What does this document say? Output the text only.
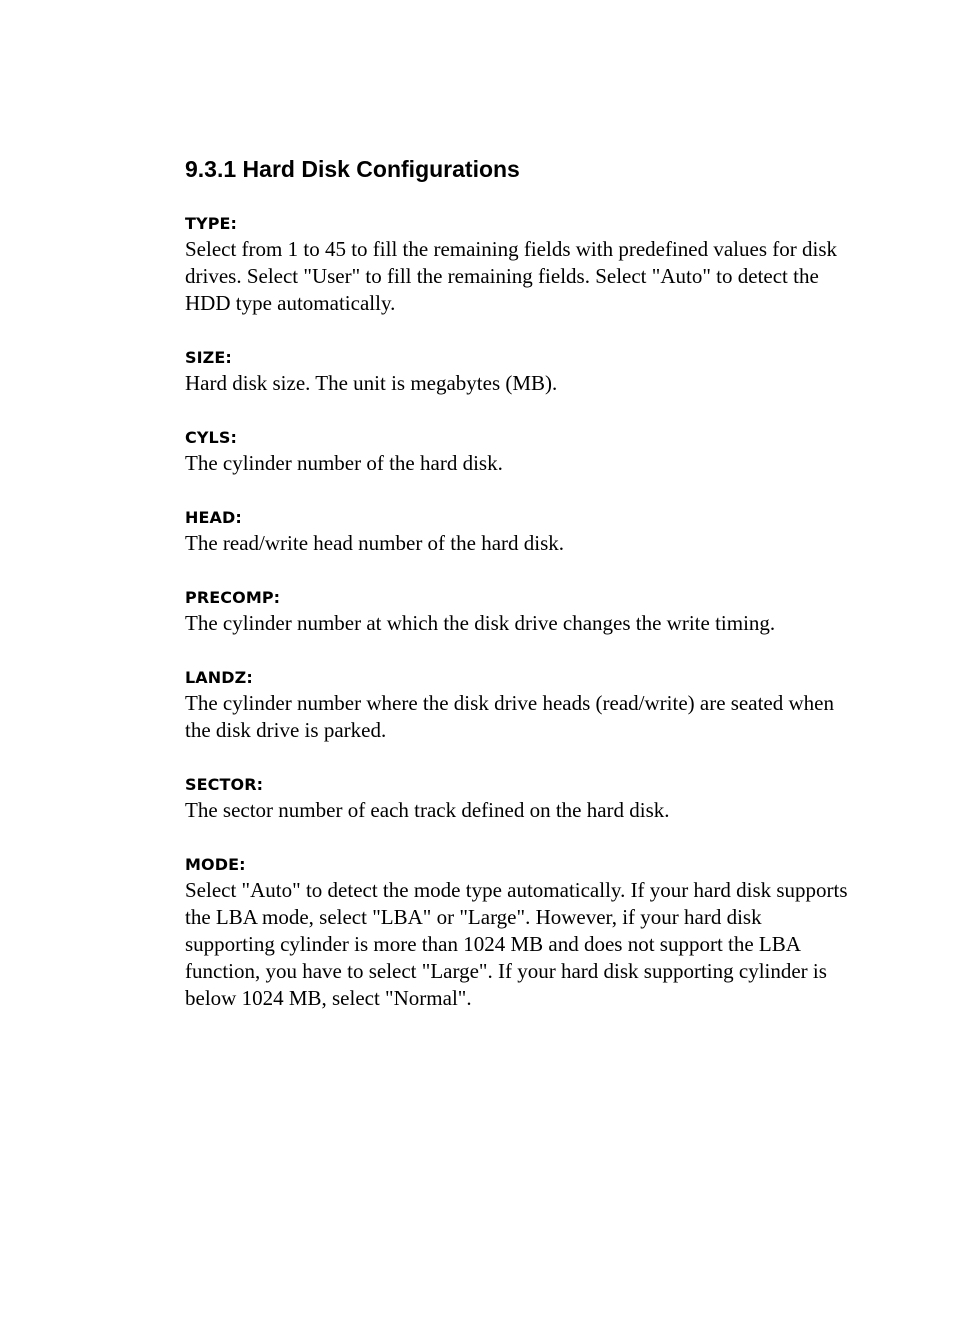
9.3.1 Hard Disk Configurations
TYPE:

Select from 1 to 45 to fill the remaining fields with predefined values for disk drives. Select "User" to fill the remaining fields. Select "Auto" to detect the HDD type automatically.

SIZE:

Hard disk size. The unit is megabytes (MB).

CYLS:

The cylinder number of the hard disk.

HEAD:

The read/write head number of the hard disk.

PRECOMP:

The cylinder number at which the disk drive changes the write timing.

LANDZ:

The cylinder number where the disk drive heads (read/write) are seated when the disk drive is parked.

SECTOR:

The sector number of each track defined on the hard disk.

MODE:

Select "Auto" to detect the mode type automatically. If your hard disk supports the LBA mode, select "LBA" or "Large". However, if your hard disk supporting cylinder is more than 1024 MB and does not support the LBA function, you have to select "Large". If your hard disk supporting cylinder is below 1024 MB, select "Normal".
